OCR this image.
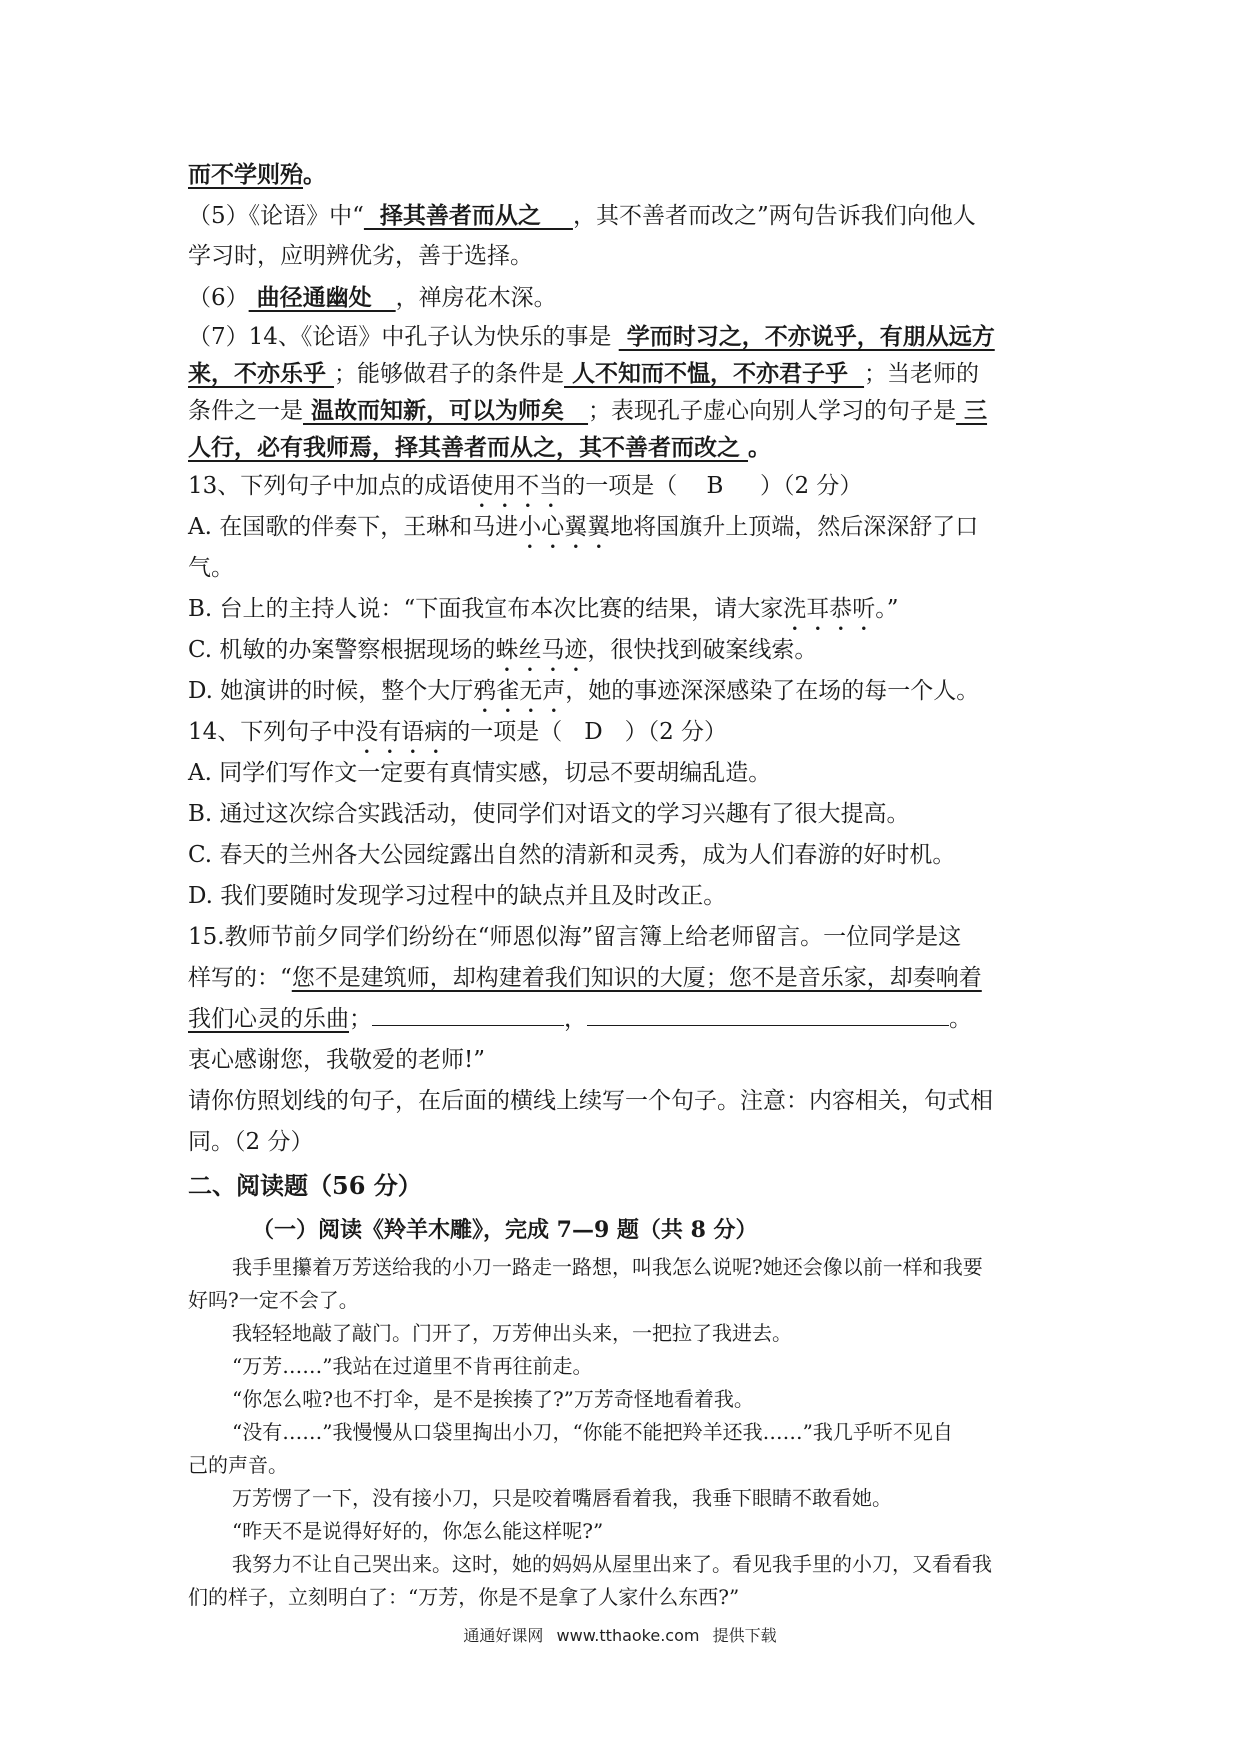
而不学则殆。
（5）《论语》中“  择其善者而从之    ，其不善者而改之”两句告诉我们向他人
学习时，应明辨优劣，善于选择。
（6） 曲径通幽处   ，禅房花木深。
（7）14、《论语》中孔子认为快乐的事是  学而时习之，不亦说乎，有朋从远方
来，不亦乐乎 ；能够做君子的条件是 人不知而不愠，不亦君子乎  ；当老师的
条件之一是 温故而知新，可以为师矣   ；表现孔子虚心向别人学习的句子是 三
人行，必有我师焉，择其善者而从之，其不善者而改之 。
13、下列句子中加点的成语使用不当的一项是（    B     ）（2 分）
A. 在国歌的伴奏下，王琳和马进小心翼翼地将国旗升上顶端，然后深深舒了口
气。
B. 台上的主持人说：“下面我宣布本次比赛的结果，请大家洗耳恭听。”
C. 机敏的办案警察根据现场的蛛丝马迹，很快找到破案线索。
D. 她演讲的时候，整个大厅鸦雀无声，她的事迹深深感染了在场的每一个人。
14、下列句子中没有语病的一项是（   D   ）（2 分）
A. 同学们写作文一定要有真情实感，切忌不要胡编乱造。
B. 通过这次综合实践活动，使同学们对语文的学习兴趣有了很大提高。
C. 春天的兰州各大公园绽露出自然的清新和灵秀，成为人们春游的好时机。
D. 我们要随时发现学习过程中的缺点并且及时改正。
15.教师节前夕同学们纷纷在“师恩似海”留言簿上给老师留言。一位同学是这
样写的：“您不是建筑师，却构建着我们知识的大厦；您不是音乐家，却奏响着
我们心灵的乐曲；	，	。
衷心感谢您，我敬爱的老师!”
请你仿照划线的句子，在后面的横线上续写一个句子。注意：内容相关，句式相
同。（2 分）
二、阅读题（56 分）
（一）阅读《羚羊木雕》，完成 7—9 题（共 8 分）
我手里攥着万芳送给我的小刀一路走一路想，叫我怎么说呢?她还会像以前一样和我要
好吗?一定不会了。
我轻轻地敲了敲门。门开了，万芳伸出头来，一把拉了我进去。
“万芳……”我站在过道里不肯再往前走。
“你怎么啦?也不打伞，是不是挨揍了?”万芳奇怪地看着我。
“没有……”我慢慢从口袋里掏出小刀，“你能不能把羚羊还我……”我几乎听不见自
己的声音。
万芳愣了一下，没有接小刀，只是咬着嘴唇看着我，我垂下眼睛不敢看她。
“昨天不是说得好好的，你怎么能这样呢?”
我努力不让自己哭出来。这时，她的妈妈从屋里出来了。看见我手里的小刀，又看看我
们的样子，立刻明白了：“万芳，你是不是拿了人家什么东西?”
通通好课网 www.tthaoke.com 提供下载
